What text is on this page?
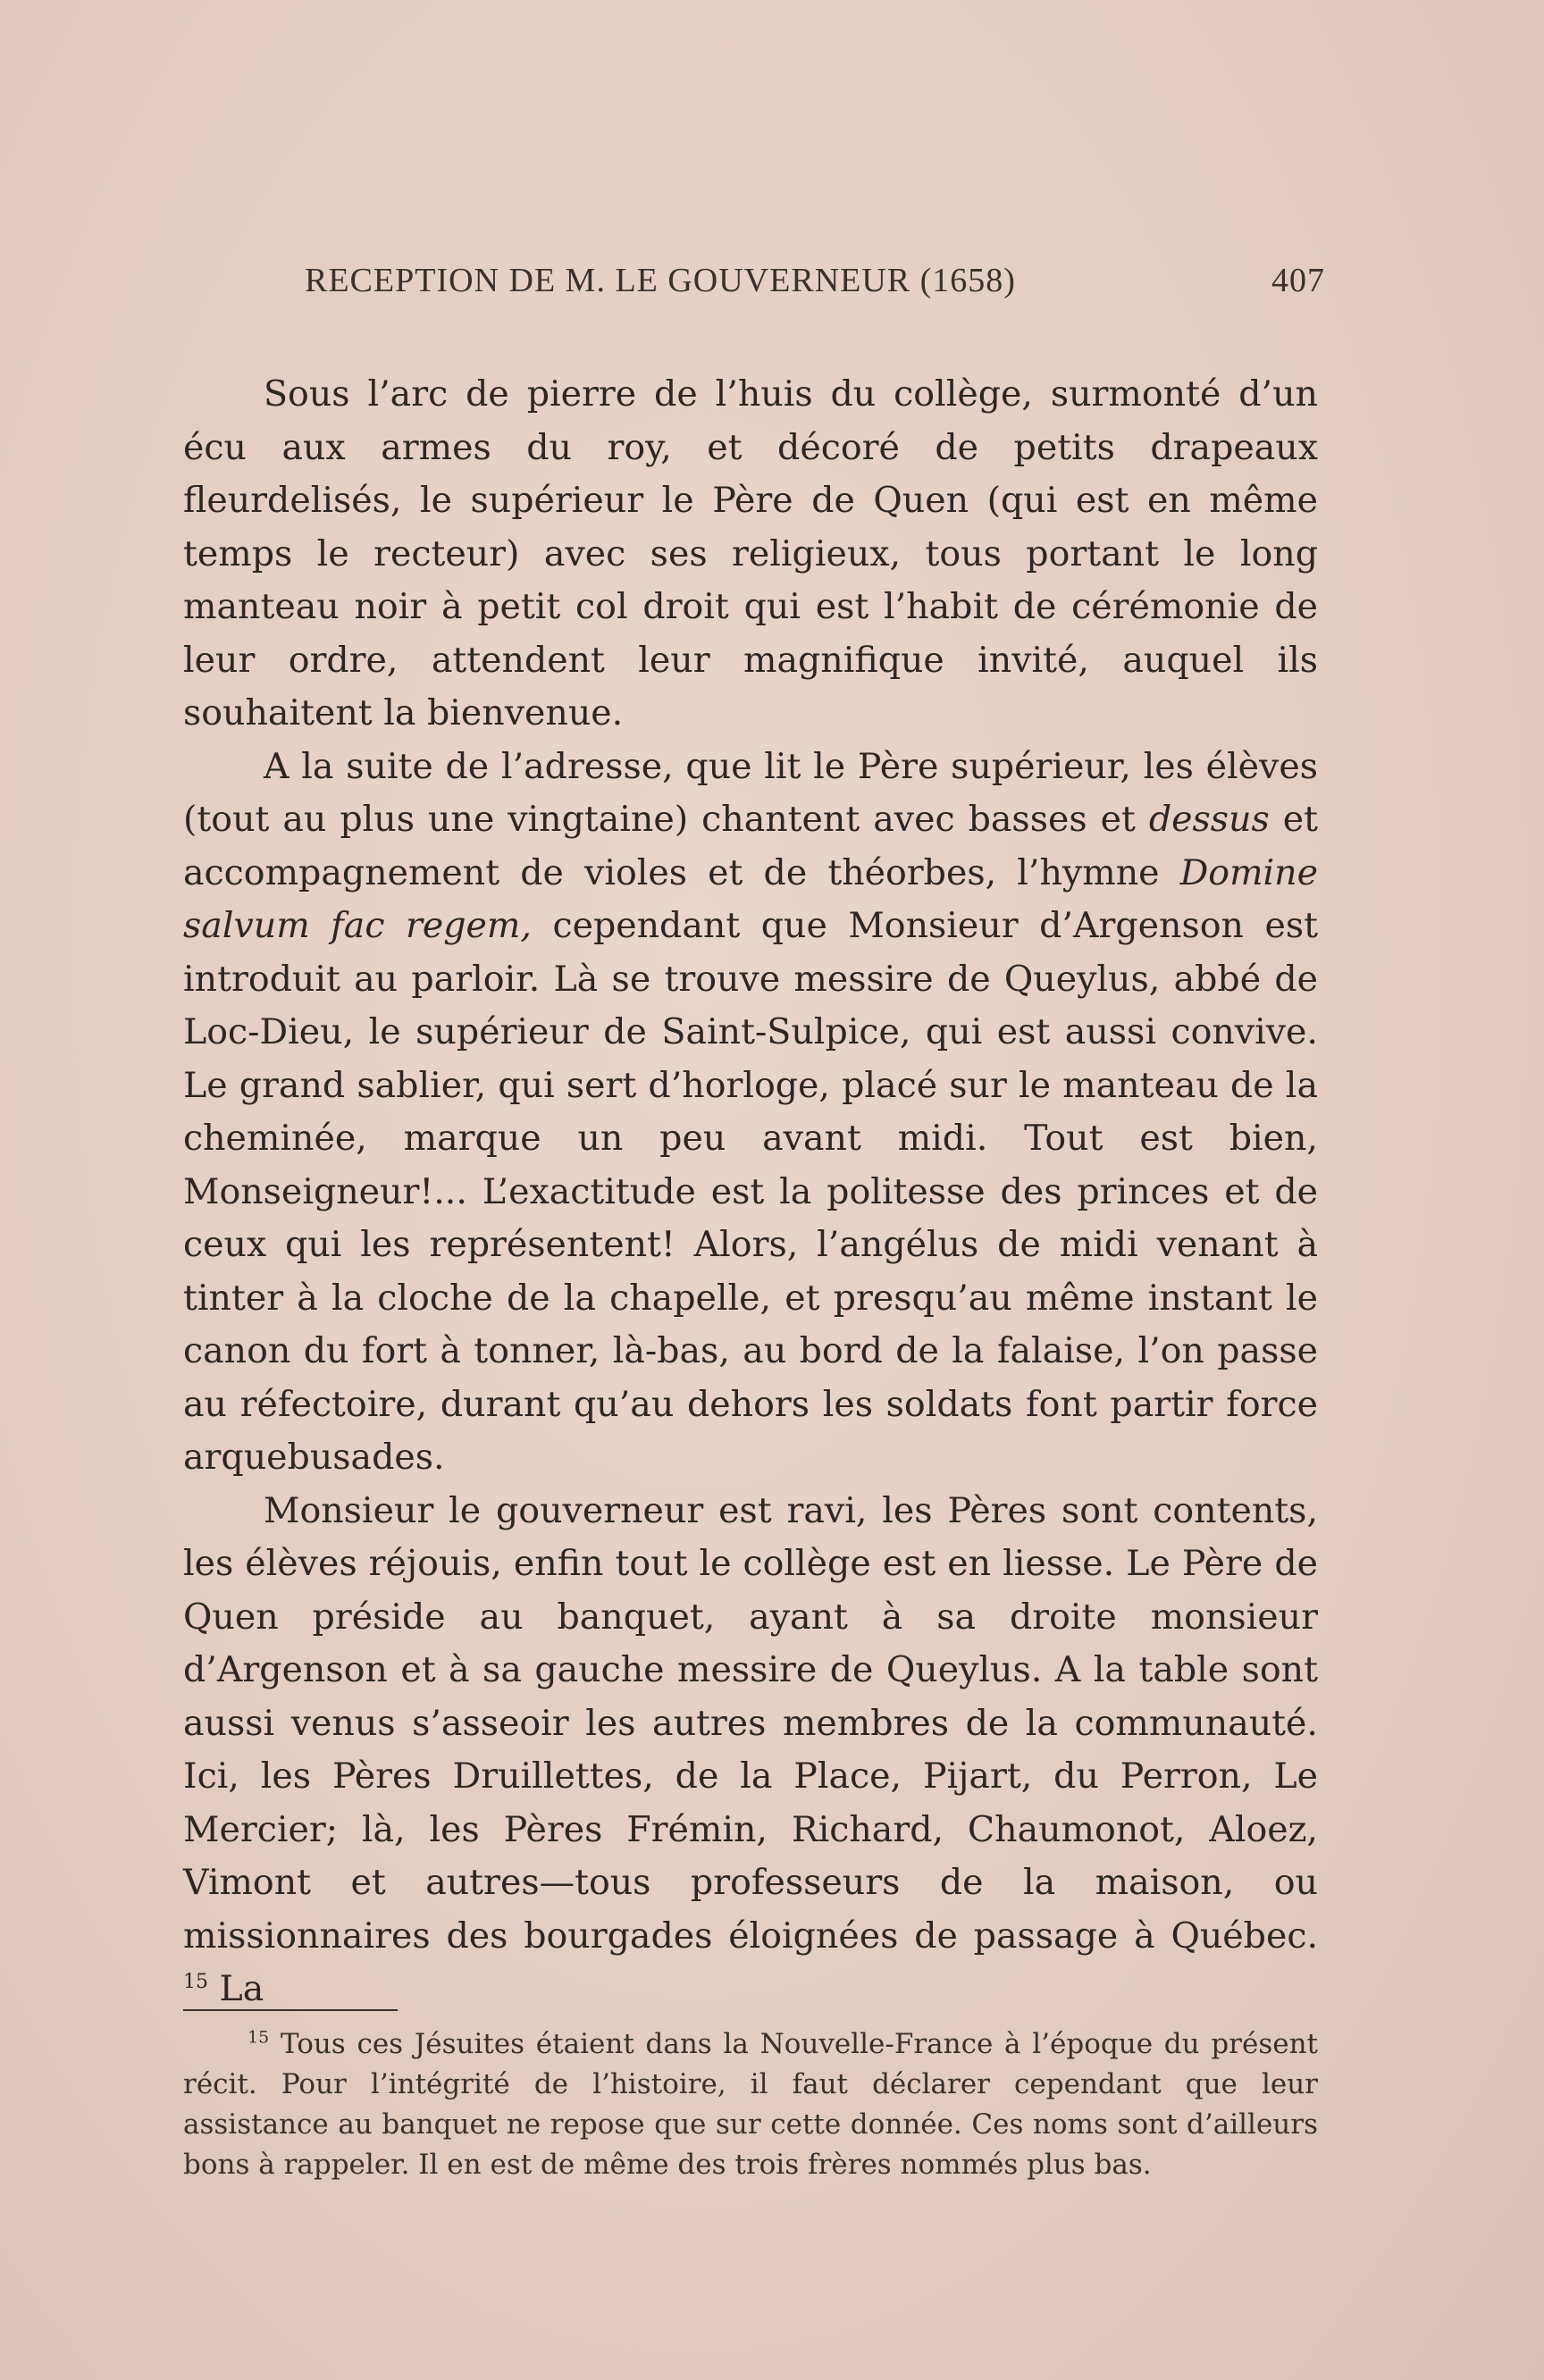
RECEPTION DE M. LE GOUVERNEUR (1658)	407

Sous l’arc de pierre de l’huis du collège, surmonté d’un écu aux armes du roy, et décoré de petits drapeaux fleurdelisés, le supérieur le Père de Quen (qui est en même temps le recteur) avec ses religieux, tous portant le long manteau noir à petit col droit qui est l’habit de cérémonie de leur ordre, attendent leur magnifique invité, auquel ils souhaitent la bienvenue.

A la suite de l’adresse, que lit le Père supérieur, les élèves (tout au plus une vingtaine) chantent avec basses et dessus et accompagnement de violes et de théorbes, l’hymne Domine salvum fac regem, cependant que Monsieur d’Argenson est introduit au parloir. Là se trouve messire de Queylus, abbé de Loc-Dieu, le supérieur de Saint-Sulpice, qui est aussi convive. Le grand sablier, qui sert d’horloge, placé sur le manteau de la cheminée, marque un peu avant midi. Tout est bien, Monseigneur!... L’exactitude est la politesse des princes et de ceux qui les représentent! Alors, l’angélus de midi venant à tinter à la cloche de la chapelle, et presqu’au même instant le canon du fort à tonner, là-bas, au bord de la falaise, l’on passe au réfectoire, durant qu’au dehors les soldats font partir force arquebusades.

Monsieur le gouverneur est ravi, les Pères sont contents, les élèves réjouis, enfin tout le collège est en liesse. Le Père de Quen préside au banquet, ayant à sa droite monsieur d’Argenson et à sa gauche messire de Queylus. A la table sont aussi venus s’asseoir les autres membres de la communauté. Ici, les Pères Druillettes, de la Place, Pijart, du Perron, Le Mercier; là, les Pères Frémin, Richard, Chaumonot, Aloez, Vimont et autres—tous professeurs de la maison, ou missionnaires des bourgades éloignées de passage à Québec. $^{15}$ La

$^{15}$ Tous ces Jésuites étaient dans la Nouvelle-France à l’époque du présent récit. Pour l’intégrité de l’histoire, il faut déclarer cependant que leur assistance au banquet ne repose que sur cette donnée. Ces noms sont d’ailleurs bons à rappeler. Il en est de même des trois frères nommés plus bas.
